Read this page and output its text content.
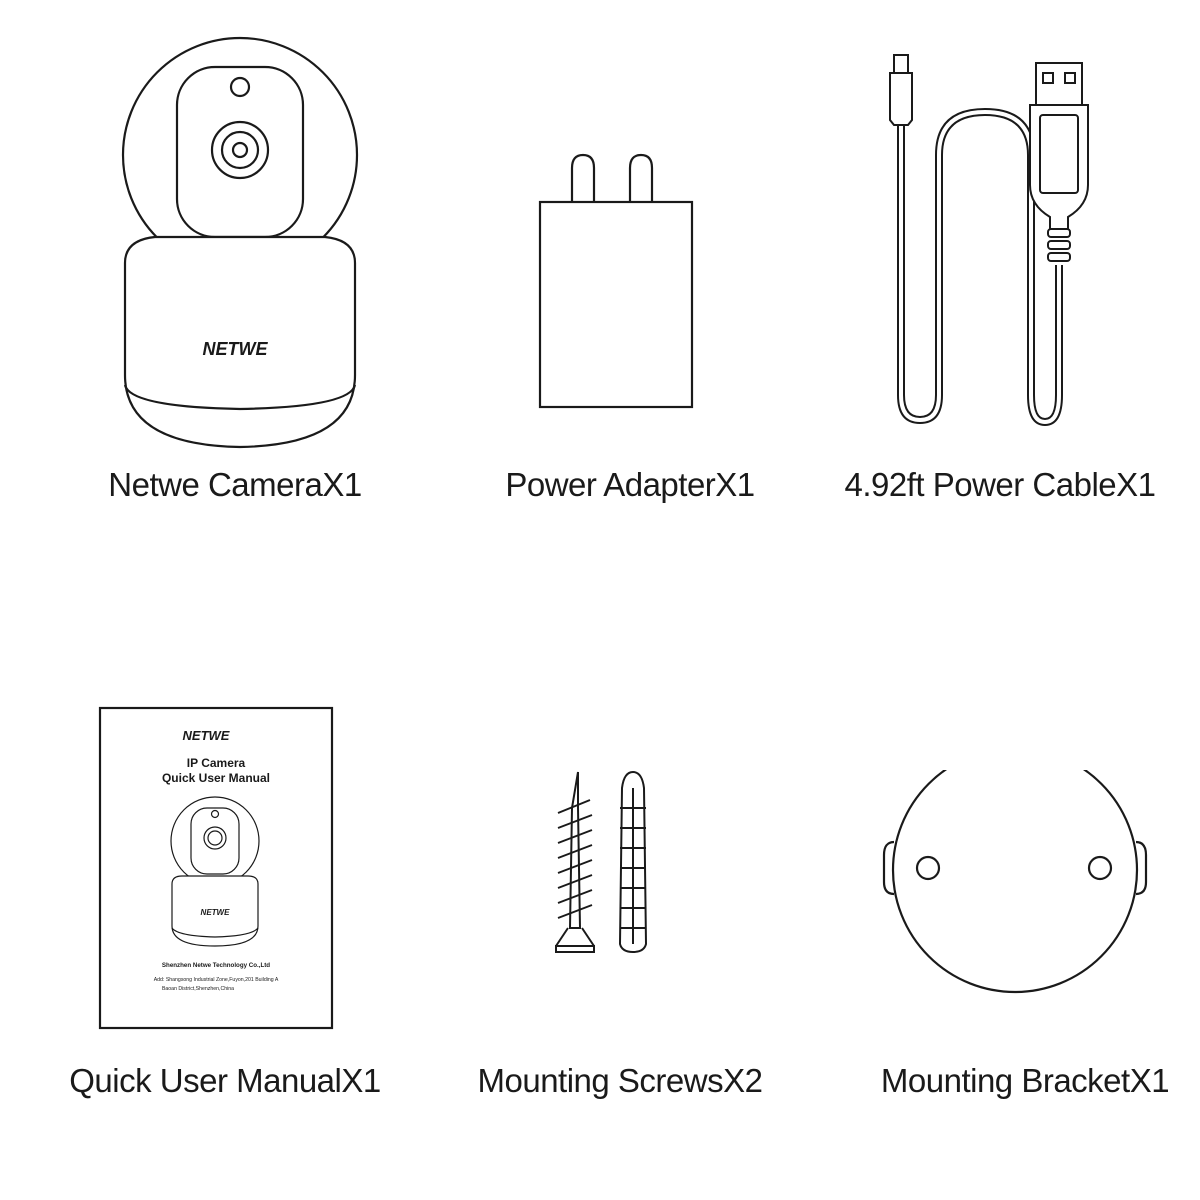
NETWE
Netwe CameraX1	Power AdapterX1	4.92ft Power CableX1
NETWE
IP Camera
Quick User Manual
NETWE
Shenzhen Netwe Technology Co.,Ltd
Add: Shangsong Industrial Zone,Fuyon,201 Building A
Baoan District,Shenzhen,China
Quick User ManualX1	Mounting ScrewsX2	Mounting BracketX1
